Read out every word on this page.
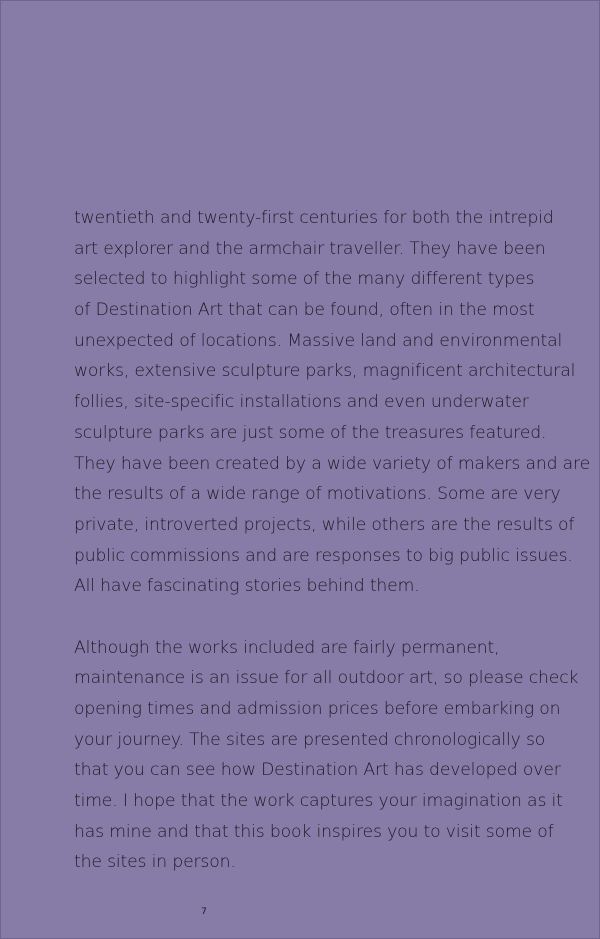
twentieth and twenty-first centuries for both the intrepid
art explorer and the armchair traveller. They have been
selected to highlight some of the many different types
of Destination Art that can be found, often in the most
unexpected of locations. Massive land and environmental
works, extensive sculpture parks, magnificent architectural
follies, site-specific installations and even underwater
sculpture parks are just some of the treasures featured.
They have been created by a wide variety of makers and are
the results of a wide range of motivations. Some are very
private, introverted projects, while others are the results of
public commissions and are responses to big public issues.
All have fascinating stories behind them.
Although the works included are fairly permanent,
maintenance is an issue for all outdoor art, so please check
opening times and admission prices before embarking on
your journey. The sites are presented chronologically so
that you can see how Destination Art has developed over
time. I hope that the work captures your imagination as it
has mine and that this book inspires you to visit some of
the sites in person.
7
